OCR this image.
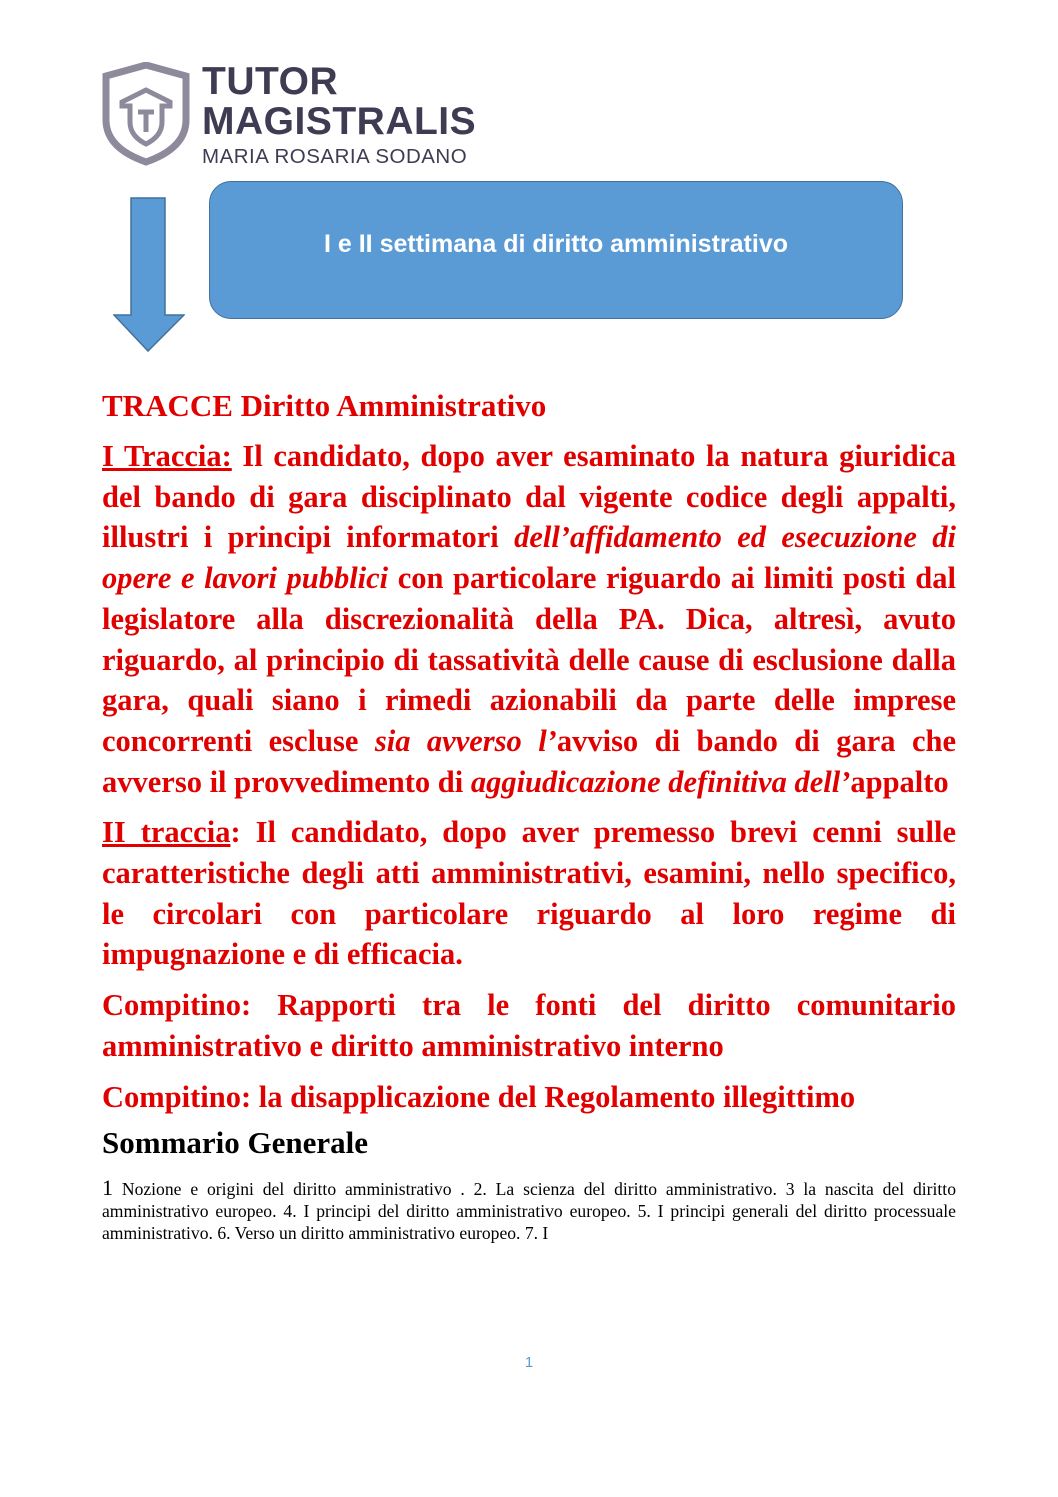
TUTOR
MAGISTRALIS
MARIA ROSARIA SODANO
I e II settimana di diritto amministrativo

TRACCE Diritto Amministrativo

I Traccia: Il candidato, dopo aver esaminato la natura giuridica del bando di gara disciplinato dal vigente codice degli appalti, illustri i principi informatori dell’affidamento ed esecuzione di opere e lavori pubblici con particolare riguardo ai limiti posti dal legislatore alla discrezionalità della PA. Dica, altresì, avuto riguardo, al principio di tassatività delle cause di esclusione dalla gara, quali siano i rimedi azionabili da parte delle imprese concorrenti escluse sia avverso l’avviso di bando di gara che avverso il provvedimento di aggiudicazione definitiva dell’appalto

II traccia: Il candidato, dopo aver premesso brevi cenni sulle caratteristiche degli atti amministrativi, esamini, nello specifico, le circolari con particolare riguardo al loro regime di impugnazione e di efficacia.

Compitino: Rapporti tra le fonti del diritto comunitario amministrativo e diritto amministrativo interno

Compitino: la disapplicazione del Regolamento illegittimo

Sommario Generale

1 Nozione e origini del diritto amministrativo . 2. La scienza del diritto amministrativo. 3 la nascita del diritto amministrativo europeo. 4. I principi del diritto amministrativo europeo. 5. I principi generali del diritto processuale amministrativo. 6. Verso un diritto amministrativo europeo. 7. I

1
